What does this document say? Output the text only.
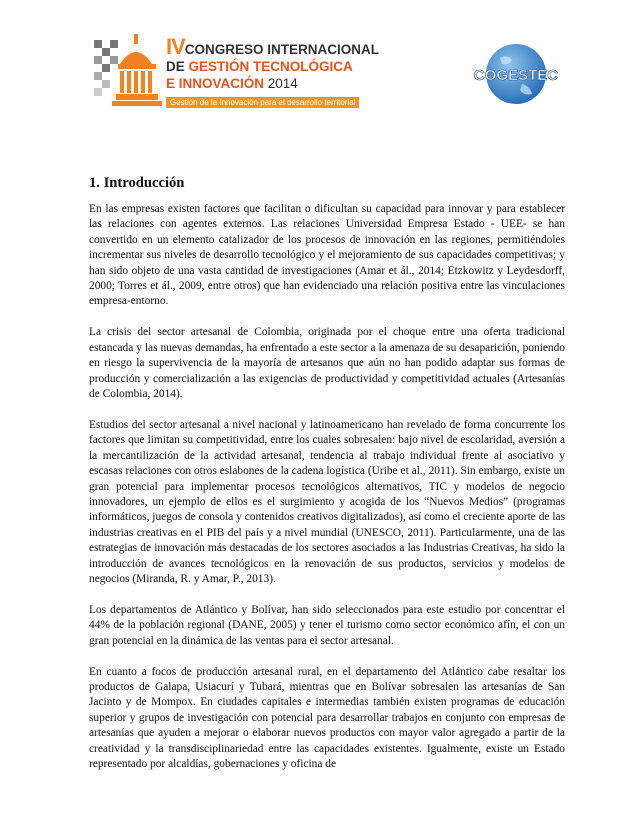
IVCONGRESO INTERNACIONAL
DE GESTIÓN TECNOLÓGICA
E INNOVACIÓN 2014
Gestión de la Innovación para el desarrollo territorial
COGESTEC
1. Introducción

En las empresas existen factores que facilitan o dificultan su capacidad para innovar y para establecer las relaciones con agentes externos. Las relaciones Universidad Empresa Estado - UEE- se han convertido en un elemento catalizador de los procesos de innovación en las regiones, permitiéndoles incrementar sus niveles de desarrollo tecnológico y el mejoramiento de sus capacidades competitivas; y han sido objeto de una vasta cantidad de investigaciones (Amar et ál., 2014; Etzkowitz y Leydesdorff, 2000; Torres et ál., 2009, entre otros) que han evidenciado una relación positiva entre las vinculaciones empresa-entorno.

La crisis del sector artesanal de Colombia, originada por el choque entre una oferta tradicional estancada y las nuevas demandas, ha enfrentado a este sector a la amenaza de su desaparición, poniendo en riesgo la supervivencia de la mayoría de artesanos que aún no han podido adaptar sus formas de producción y comercialización a las exigencias de productividad y competitividad actuales (Artesanías de Colombia, 2014).

Estudios del sector artesanal a nivel nacional y latinoamericano han revelado de forma concurrente los factores que limitan su competitividad, entre los cuales sobresalen: bajo nivel de escolaridad, aversión a la mercantilización de la actividad artesanal, tendencia al trabajo individual frente al asociativo y escasas relaciones con otros eslabones de la cadena logística (Uribe et al., 2011). Sin embargo, existe un gran potencial para implementar procesos tecnológicos alternativos, TIC y modelos de negocio innovadores, un ejemplo de ellos es el surgimiento y acogida de los “Nuevos Medios” (programas informáticos, juegos de consola y contenidos creativos digitalizados), así como el creciente aporte de las industrias creativas en el PIB del país y a nivel mundial (UNESCO, 2011). Particularmente, una de las estrategias de innovación más destacadas de los sectores asociados a las Industrias Creativas, ha sido la introducción de avances tecnológicos en la renovación de sus productos, servicios y modelos de negocios (Miranda, R. y Amar, P., 2013).

Los departamentos de Atlántico y Bolívar, han sido seleccionados para este estudio por concentrar el 44% de la población regional (DANE, 2005) y tener el turismo como sector económico afín, el con un gran potencial en la dinámica de las ventas para el sector artesanal.

En cuanto a focos de producción artesanal rural, en el departamento del Atlántico cabe resaltar los productos de Galapa, Usiacurí y Tubará, mientras que en Bolívar sobresalen las artesanías de San Jacinto y de Mompox. En ciudades capitales e intermedias también existen programas de educación superior y grupos de investigación con potencial para desarrollar trabajos en conjunto con empresas de artesanías que ayuden a mejorar o elaborar nuevos productos con mayor valor agregado a partir de la creatividad y la transdisciplinariedad entre las capacidades existentes. Igualmente, existe un Estado representado por alcaldías, gobernaciones y oficina de
